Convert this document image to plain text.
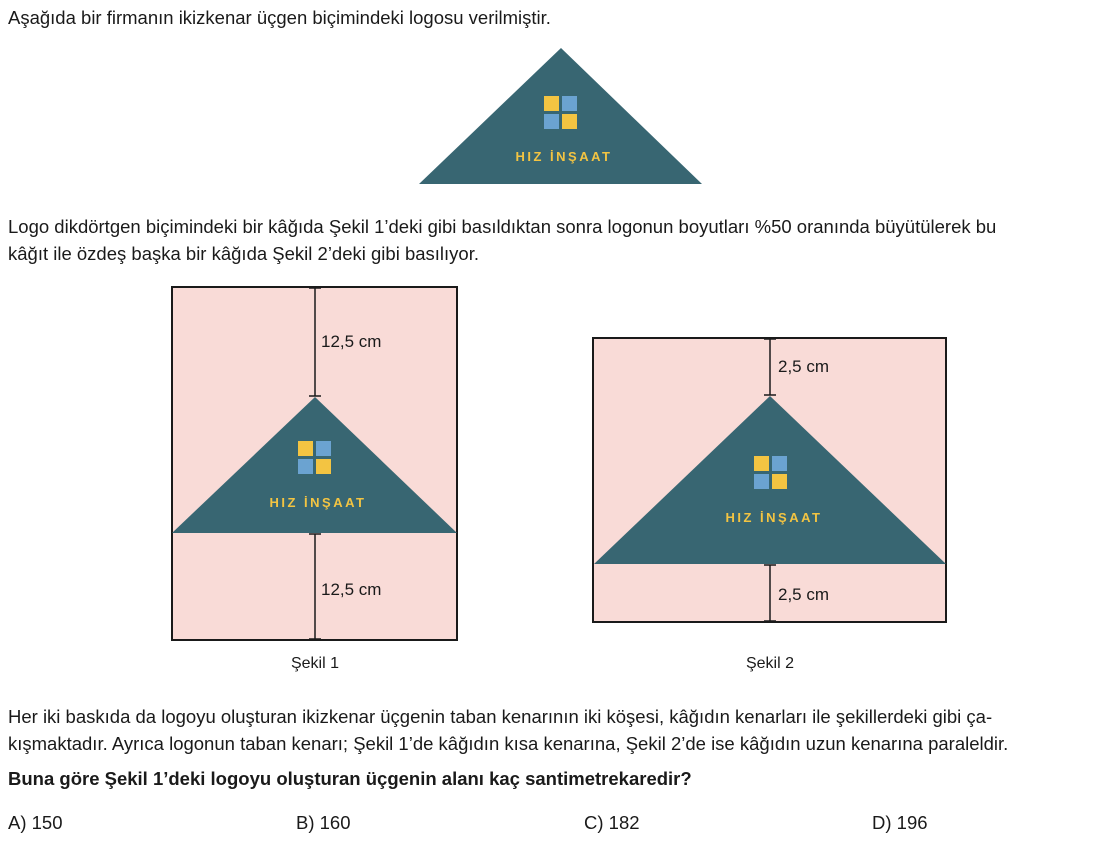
Aşağıda bir firmanın ikizkenar üçgen biçimindeki logosu verilmiştir.

HIZ İNŞAAT
HIZ İNŞAAT
12,5 cm
12,5 cm
Şekil 1
HIZ İNŞAAT
2,5 cm
2,5 cm
Şekil 2

Logo dikdörtgen biçimindeki bir kâğıda Şekil 1’deki gibi basıldıktan sonra logonun boyutları %50 oranında büyütülerek bu

kâğıt ile özdeş başka bir kâğıda Şekil 2’deki gibi basılıyor.

Her iki baskıda da logoyu oluşturan ikizkenar üçgenin taban kenarının iki köşesi, kâğıdın kenarları ile şekillerdeki gibi ça-

kışmaktadır. Ayrıca logonun taban kenarı; Şekil 1’de kâğıdın kısa kenarına, Şekil 2’de ise kâğıdın uzun kenarına paraleldir.

Buna göre Şekil 1’deki logoyu oluşturan üçgenin alanı kaç santimetrekaredir?

A) 150	B) 160	C) 182	D) 196
